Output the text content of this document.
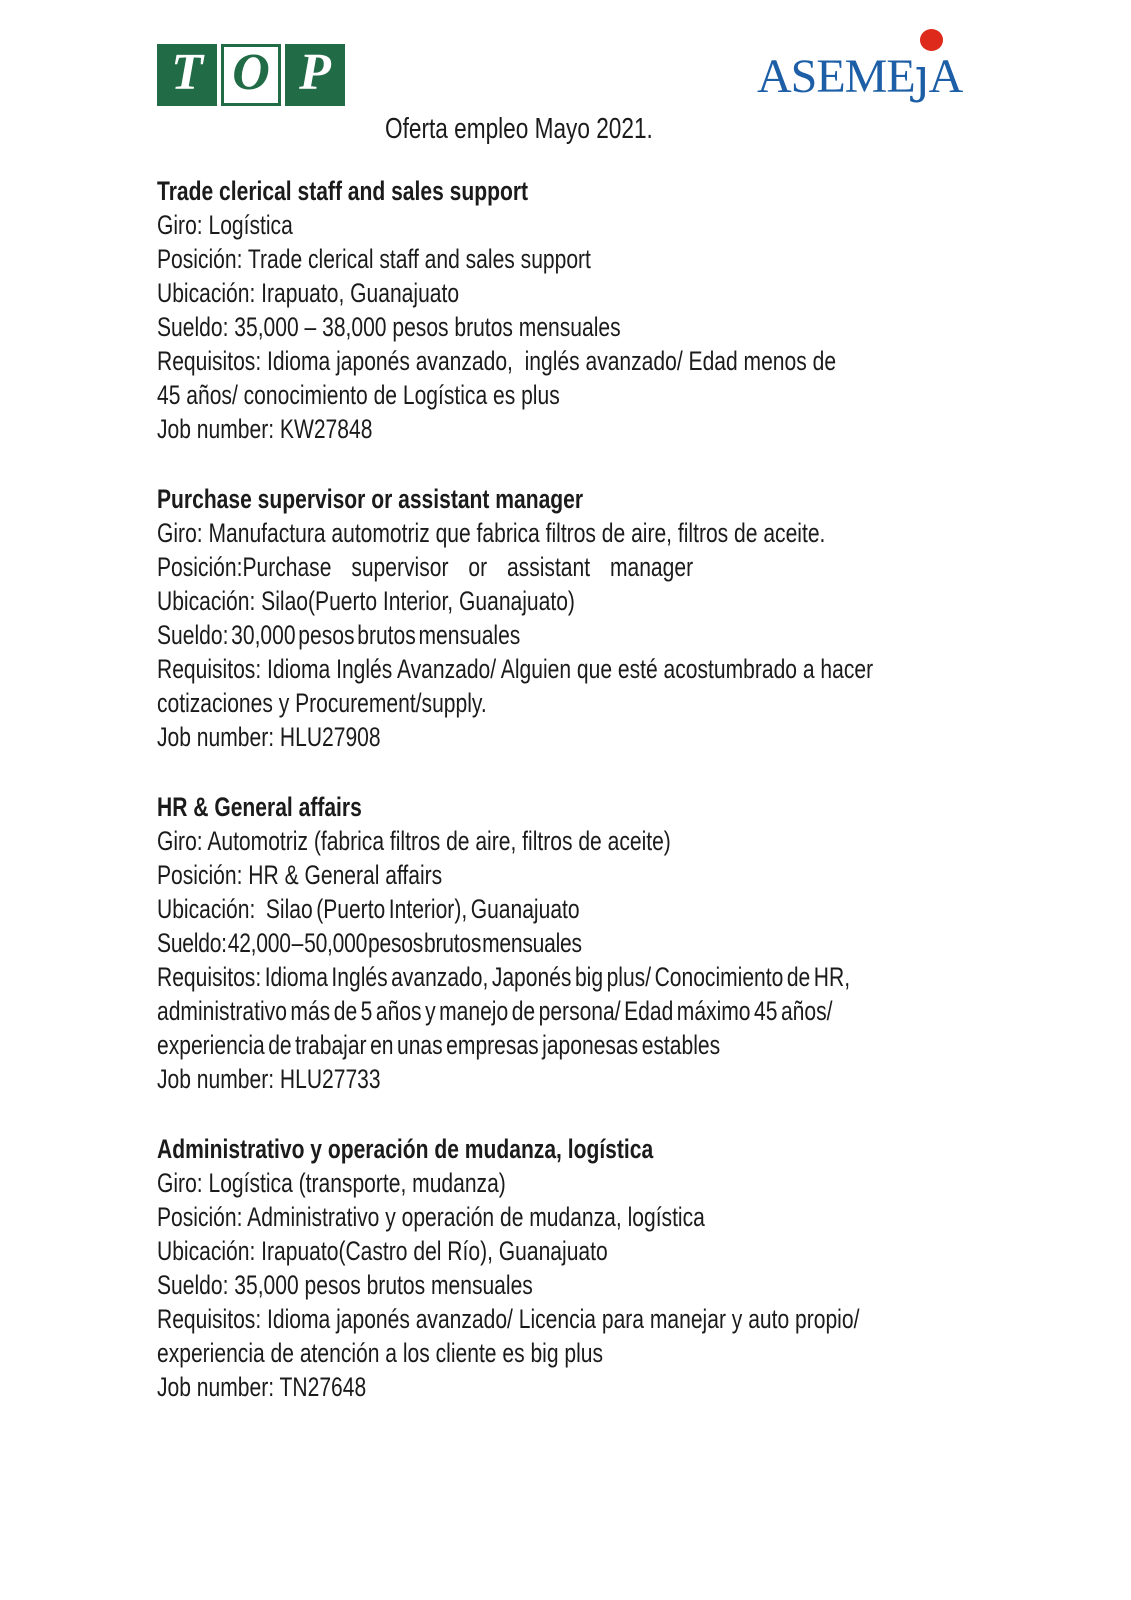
T O P	ASEMEȷA
Oferta empleo Mayo 2021.
Trade clerical staff and sales support
Giro: Logística
Posición: Trade clerical staff and sales support
Ubicación: Irapuato, Guanajuato
Sueldo: 35,000 – 38,000 pesos brutos mensuales
Requisitos: Idioma japonés avanzado,  inglés avanzado/ Edad menos de
45 años/ conocimiento de Logística es plus
Job number: KW27848
Purchase supervisor or assistant manager
Giro: Manufactura automotriz que fabrica filtros de aire, filtros de aceite.
Posición:Purchase supervisor or assistant manager
Ubicación: Silao(Puerto Interior, Guanajuato)
Sueldo: 30,000 pesos brutos mensuales
Requisitos: Idioma Inglés Avanzado/ Alguien que esté acostumbrado a hacer
cotizaciones y Procurement/supply.
Job number: HLU27908
HR & General affairs
Giro: Automotriz (fabrica filtros de aire, filtros de aceite)
Posición: HR & General affairs
Ubicación:   Silao (Puerto Interior), Guanajuato
Sueldo: 42,000 – 50,000 pesos brutos mensuales
Requisitos: Idioma Inglés avanzado, Japonés big plus/ Conocimiento de HR,
administrativo más de 5 años y manejo de persona/ Edad máximo 45 años/
experiencia de trabajar en unas empresas japonesas estables
Job number: HLU27733
Administrativo y operación de mudanza, logística
Giro: Logística (transporte, mudanza)
Posición: Administrativo y operación de mudanza, logística
Ubicación: Irapuato(Castro del Río), Guanajuato
Sueldo: 35,000 pesos brutos mensuales
Requisitos: Idioma japonés avanzado/ Licencia para manejar y auto propio/
experiencia de atención a los cliente es big plus
Job number: TN27648
